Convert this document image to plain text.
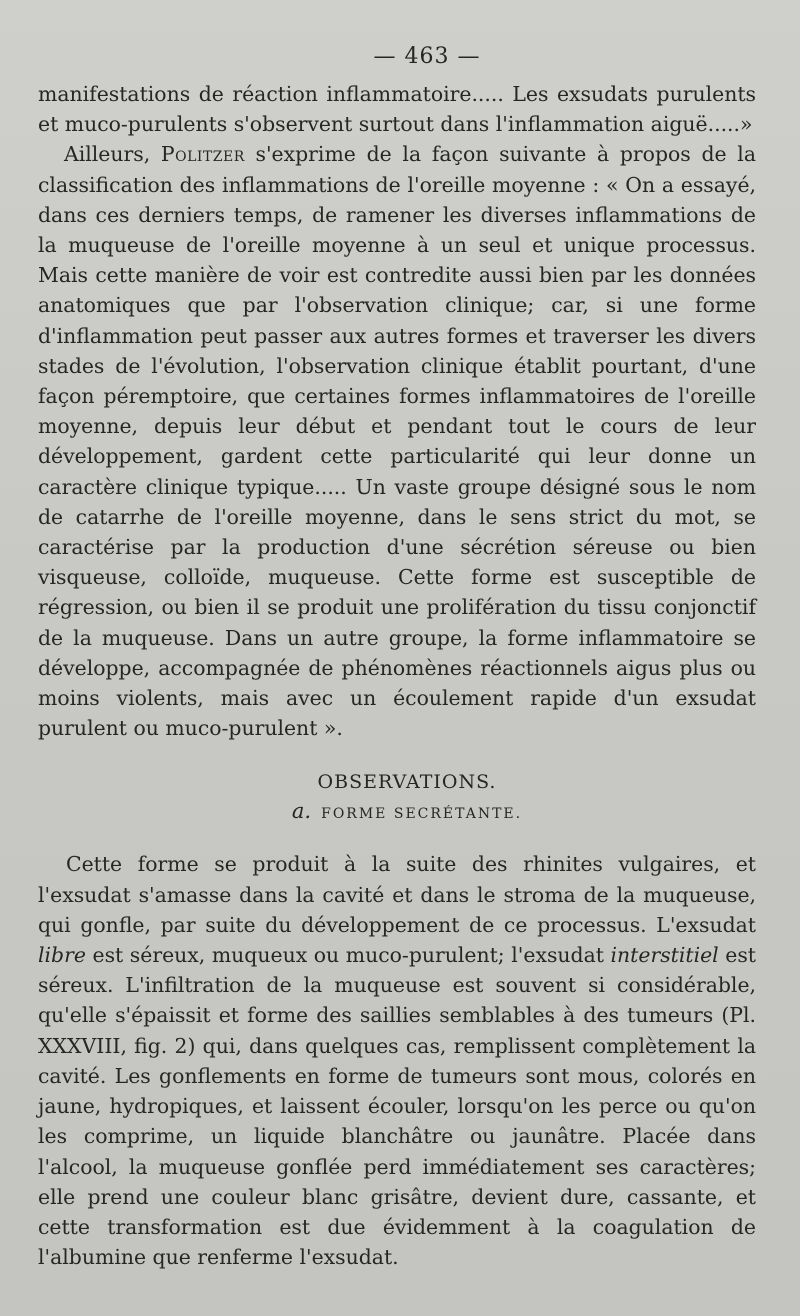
— 463 —

manifestations de réaction inflammatoire..... Les exsudats purulents et muco-purulents s'observent surtout dans l'inflammation aiguë.....»

Ailleurs, Politzer s'exprime de la façon suivante à propos de la classification des inflammations de l'oreille moyenne : « On a essayé, dans ces derniers temps, de ramener les diverses inflammations de la muqueuse de l'oreille moyenne à un seul et unique processus. Mais cette manière de voir est contredite aussi bien par les données anatomiques que par l'observation clinique; car, si une forme d'inflammation peut passer aux autres formes et traverser les divers stades de l'évolution, l'observation clinique établit pourtant, d'une façon péremptoire, que certaines formes inflammatoires de l'oreille moyenne, depuis leur début et pendant tout le cours de leur développement, gardent cette particularité qui leur donne un caractère clinique typique..... Un vaste groupe désigné sous le nom de catarrhe de l'oreille moyenne, dans le sens strict du mot, se caractérise par la production d'une sécrétion séreuse ou bien visqueuse, colloïde, muqueuse. Cette forme est susceptible de régression, ou bien il se produit une prolifération du tissu conjonctif de la muqueuse. Dans un autre groupe, la forme inflammatoire se développe, accompagnée de phénomènes réactionnels aigus plus ou moins violents, mais avec un écoulement rapide d'un exsudat purulent ou muco-purulent ».

OBSERVATIONS.
a. FORME SECRÉTANTE.

Cette forme se produit à la suite des rhinites vulgaires, et l'exsudat s'amasse dans la cavité et dans le stroma de la muqueuse, qui gonfle, par suite du développement de ce processus. L'exsudat libre est séreux, muqueux ou muco-purulent; l'exsudat interstitiel est séreux. L'infiltration de la muqueuse est souvent si considérable, qu'elle s'épaissit et forme des saillies semblables à des tumeurs (Pl. XXXVIII, fig. 2) qui, dans quelques cas, remplissent complètement la cavité. Les gonflements en forme de tumeurs sont mous, colorés en jaune, hydropiques, et laissent écouler, lorsqu'on les perce ou qu'on les comprime, un liquide blanchâtre ou jaunâtre. Placée dans l'alcool, la muqueuse gonflée perd immédiatement ses caractères; elle prend une couleur blanc grisâtre, devient dure, cassante, et cette transformation est due évidemment à la coagulation de l'albumine que renferme l'exsudat.
